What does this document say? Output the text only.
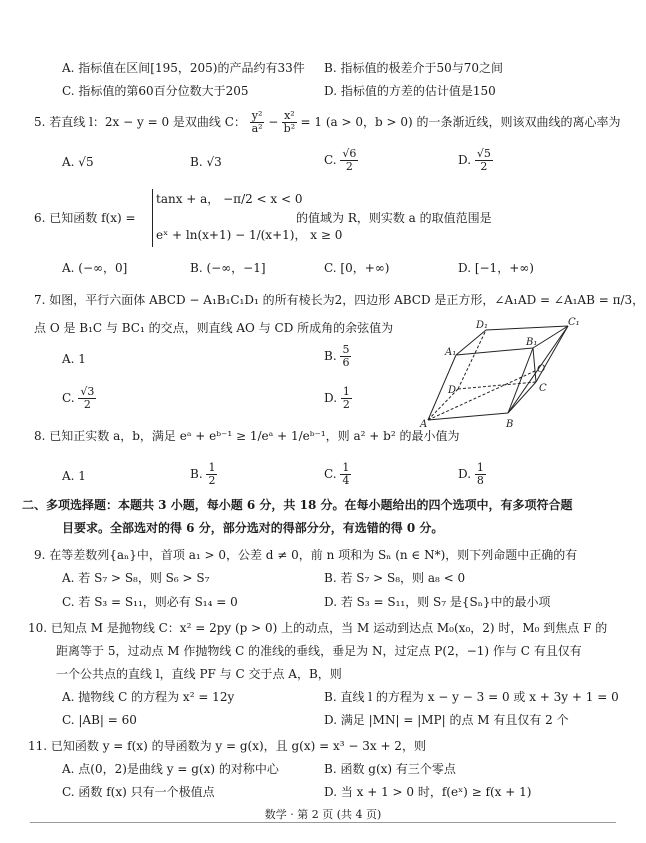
A. 指标值在区间[195，205)的产品约有33件 B. 指标值的极差介于50与70之间
C. 指标值的第60百分位数大于205	D. 指标值的方差的估计值是150
5. 若直线 l：2x − y = 0 是双曲线 C： $\frac{\text{y²}}{\text{a²}} - \frac{\text{x²}}{\text{b²}} = 1$ (a > 0，b > 0) 的一条渐近线，则该双曲线的离心率为
A. √5	B. √3	C. $\frac{√6}{2}$	D. $\frac{√5}{2}$
6. 已知函数 f(x) =
tanx + a， −π/2 < x < 0
eˣ + ln(x+1) − 1/(x+1)， x ≥ 0
的值域为 R，则实数 a 的取值范围是
A. (−∞，0]	B. (−∞，−1]	C. [0，+∞)	D. [−1，+∞)
7. 如图，平行六面体 ABCD − A₁B₁C₁D₁ 的所有棱长为2，四边形 ABCD 是正方形，∠A₁AD = ∠A₁AB = π/3，
点 O 是 B₁C 与 BC₁ 的交点，则直线 AO 与 CD 所成角的余弦值为
A. 1	B. $\frac{5}{6}$
C. $\frac{√3}{2}$	D. $\frac{1}{2}$
A	B
C
D
A₁
B₁
C₁
D₁
O
8. 已知正实数 a，b，满足 eᵃ + eᵇ⁻¹ ≥ 1/eᵃ + 1/eᵇ⁻¹，则 a² + b² 的最小值为
A. 1	B. $\frac{1}{2}$	C. $\frac{1}{4}$	D. $\frac{1}{8}$
二、多项选择题：本题共 3 小题，每小题 6 分，共 18 分。在每小题给出的四个选项中，有多项符合题
目要求。全部选对的得 6 分，部分选对的得部分分，有选错的得 0 分。
9. 在等差数列{aₙ}中，首项 a₁ > 0，公差 d ≠ 0，前 n 项和为 Sₙ (n ∈ N*)，则下列命题中正确的有
A. 若 S₇ > S₈，则 S₆ > S₇	B. 若 S₇ > S₈，则 a₈ < 0
C. 若 S₃ = S₁₁，则必有 S₁₄ = 0	D. 若 S₃ = S₁₁，则 S₇ 是{Sₙ}中的最小项
10. 已知点 M 是抛物线 C：x² = 2py (p > 0) 上的动点，当 M 运动到达点 M₀(x₀，2) 时，M₀ 到焦点 F 的
距离等于 5，过动点 M 作抛物线 C 的准线的垂线，垂足为 N，过定点 P(2，−1) 作与 C 有且仅有
一个公共点的直线 l，直线 PF 与 C 交于点 A，B，则
A. 抛物线 C 的方程为 x² = 12y	B. 直线 l 的方程为 x − y − 3 = 0 或 x + 3y + 1 = 0
C. |AB| = 60	D. 满足 |MN| = |MP| 的点 M 有且仅有 2 个
11. 已知函数 y = f(x) 的导函数为 y = g(x)，且 g(x) = x³ − 3x + 2，则
A. 点(0，2)是曲线 y = g(x) 的对称中心	B. 函数 g(x) 有三个零点
C. 函数 f(x) 只有一个极值点	D. 当 x + 1 > 0 时，f(eˣ) ≥ f(x + 1)
数学 · 第 2 页 (共 4 页)
